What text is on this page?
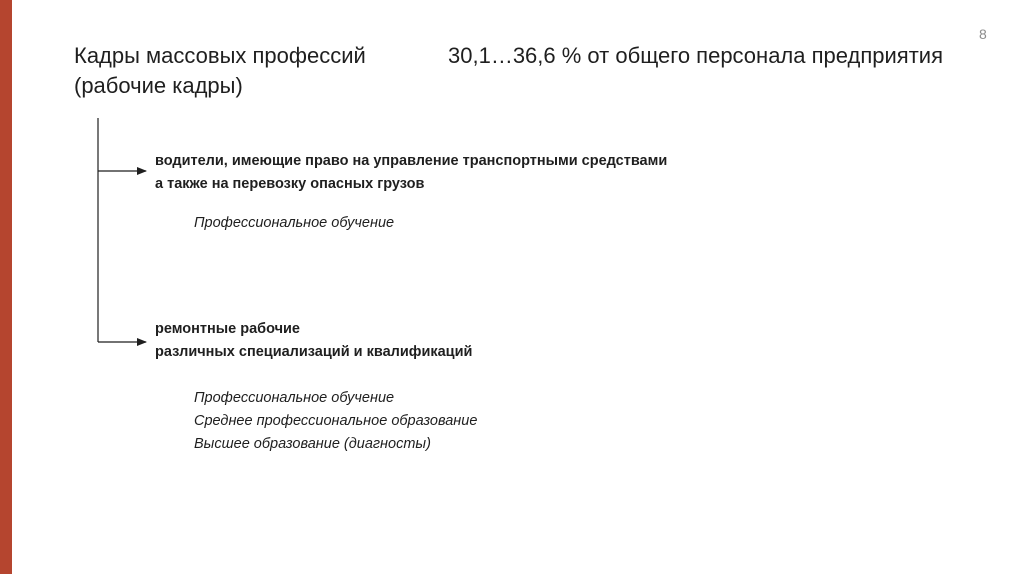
8
Кадры массовых профессий
(рабочие кадры)
30,1…36,6 % от общего персонала предприятия
водители, имеющие право на управление транспортными средствами
а также на перевозку опасных грузов
Профессиональное обучение
ремонтные рабочие
различных специализаций и квалификаций
Профессиональное обучение
Среднее профессиональное образование
Высшее образование (диагносты)
